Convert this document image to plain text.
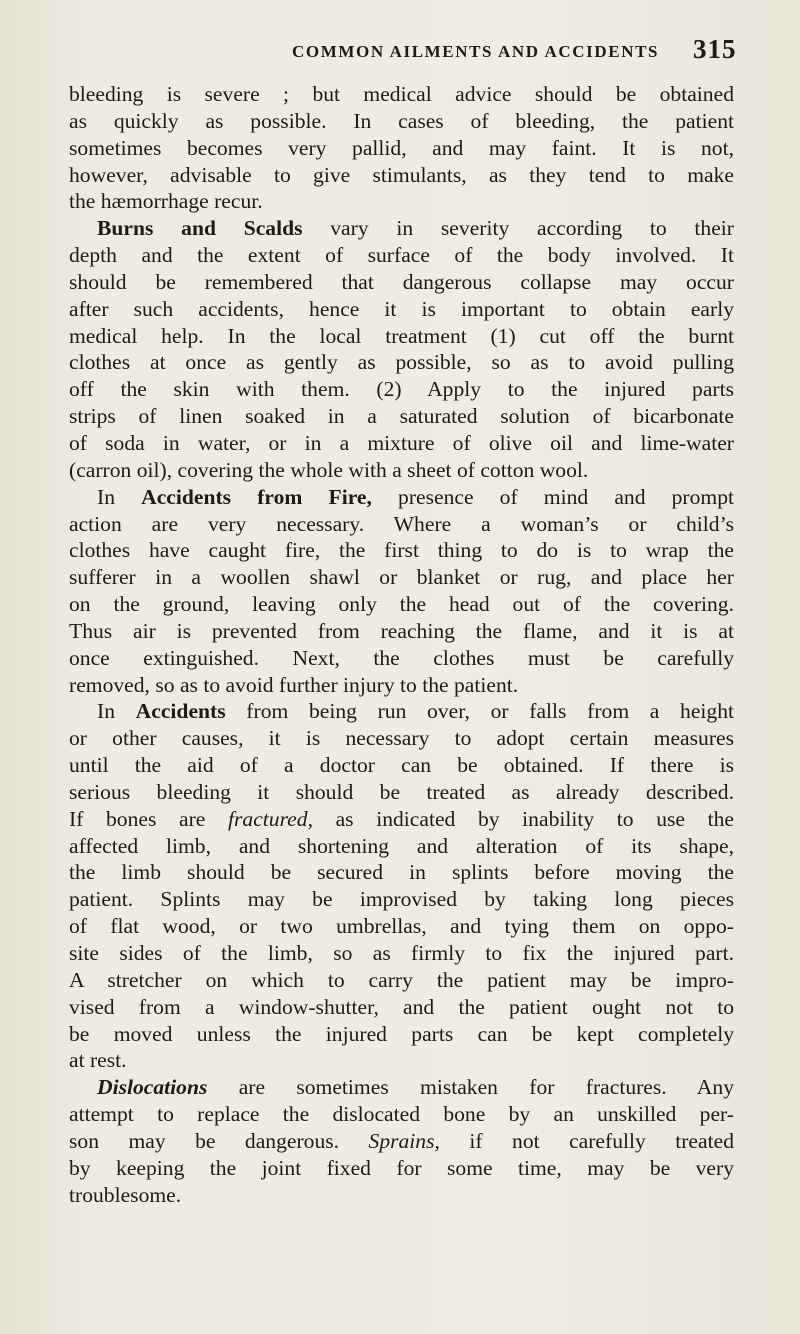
COMMON AILMENTS AND ACCIDENTS 315
bleeding is severe ; but medical advice should be obtained
as quickly as possible. In cases of bleeding, the patient
sometimes becomes very pallid, and may faint. It is not,
however, advisable to give stimulants, as they tend to make
the hæmorrhage recur.
Burns and Scalds vary in severity according to their
depth and the extent of surface of the body involved. It
should be remembered that dangerous collapse may occur
after such accidents, hence it is important to obtain early
medical help. In the local treatment (1) cut off the burnt
clothes at once as gently as possible, so as to avoid pulling
off the skin with them. (2) Apply to the injured parts
strips of linen soaked in a saturated solution of bicarbonate
of soda in water, or in a mixture of olive oil and lime-water
(carron oil), covering the whole with a sheet of cotton wool.
In Accidents from Fire, presence of mind and prompt
action are very necessary. Where a woman’s or child’s
clothes have caught fire, the first thing to do is to wrap the
sufferer in a woollen shawl or blanket or rug, and place her
on the ground, leaving only the head out of the covering.
Thus air is prevented from reaching the flame, and it is at
once extinguished. Next, the clothes must be carefully
removed, so as to avoid further injury to the patient.
In Accidents from being run over, or falls from a height
or other causes, it is necessary to adopt certain measures
until the aid of a doctor can be obtained. If there is
serious bleeding it should be treated as already described.
If bones are fractured, as indicated by inability to use the
affected limb, and shortening and alteration of its shape,
the limb should be secured in splints before moving the
patient. Splints may be improvised by taking long pieces
of flat wood, or two umbrellas, and tying them on oppo-
site sides of the limb, so as firmly to fix the injured part.
A stretcher on which to carry the patient may be impro-
vised from a window-shutter, and the patient ought not to
be moved unless the injured parts can be kept completely
at rest.
Dislocations are sometimes mistaken for fractures. Any
attempt to replace the dislocated bone by an unskilled per-
son may be dangerous. Sprains, if not carefully treated
by keeping the joint fixed for some time, may be very
troublesome.
